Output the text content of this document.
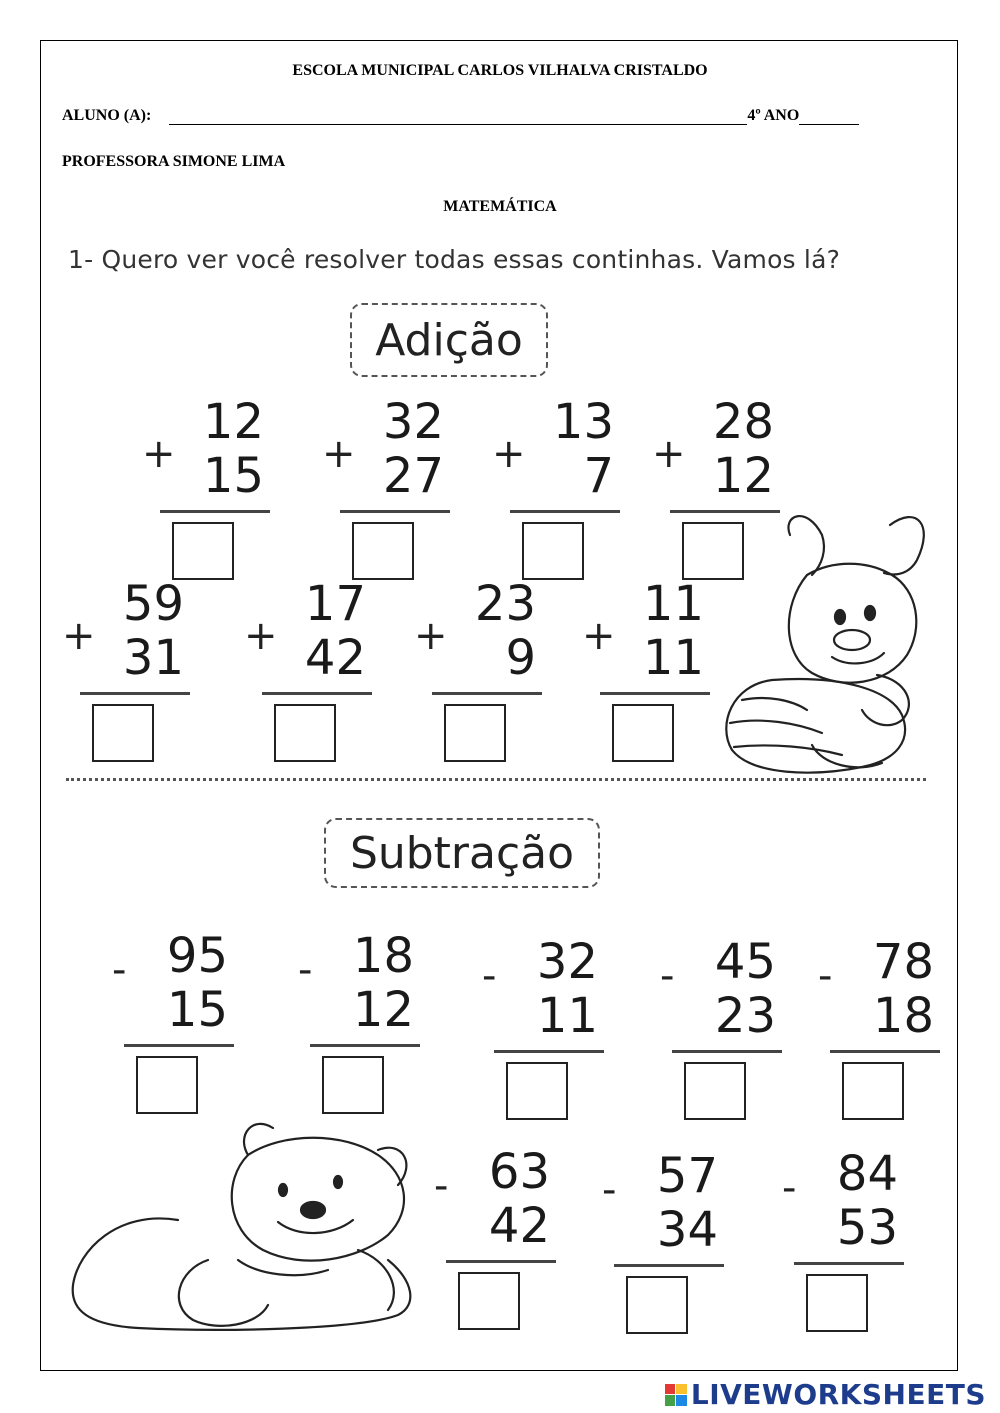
ESCOLA MUNICIPAL CARLOS VILHALVA CRISTALDO
ALUNO (A):	4º ANO
PROFESSORA SIMONE LIMA
MATEMÁTICA
1- Quero ver você resolver todas essas continhas. Vamos lá?
Adição
+
12
15 +
32
27 +
13
7 +
28
12
+
59
31 +
17
42 +
23
9 +
11
11
Subtração
- 95
15
- 18
12
- 32
11
- 45
23
- 78
18
- 63
42
- 57
34
- 84
53
LIVEWORKSHEETS
